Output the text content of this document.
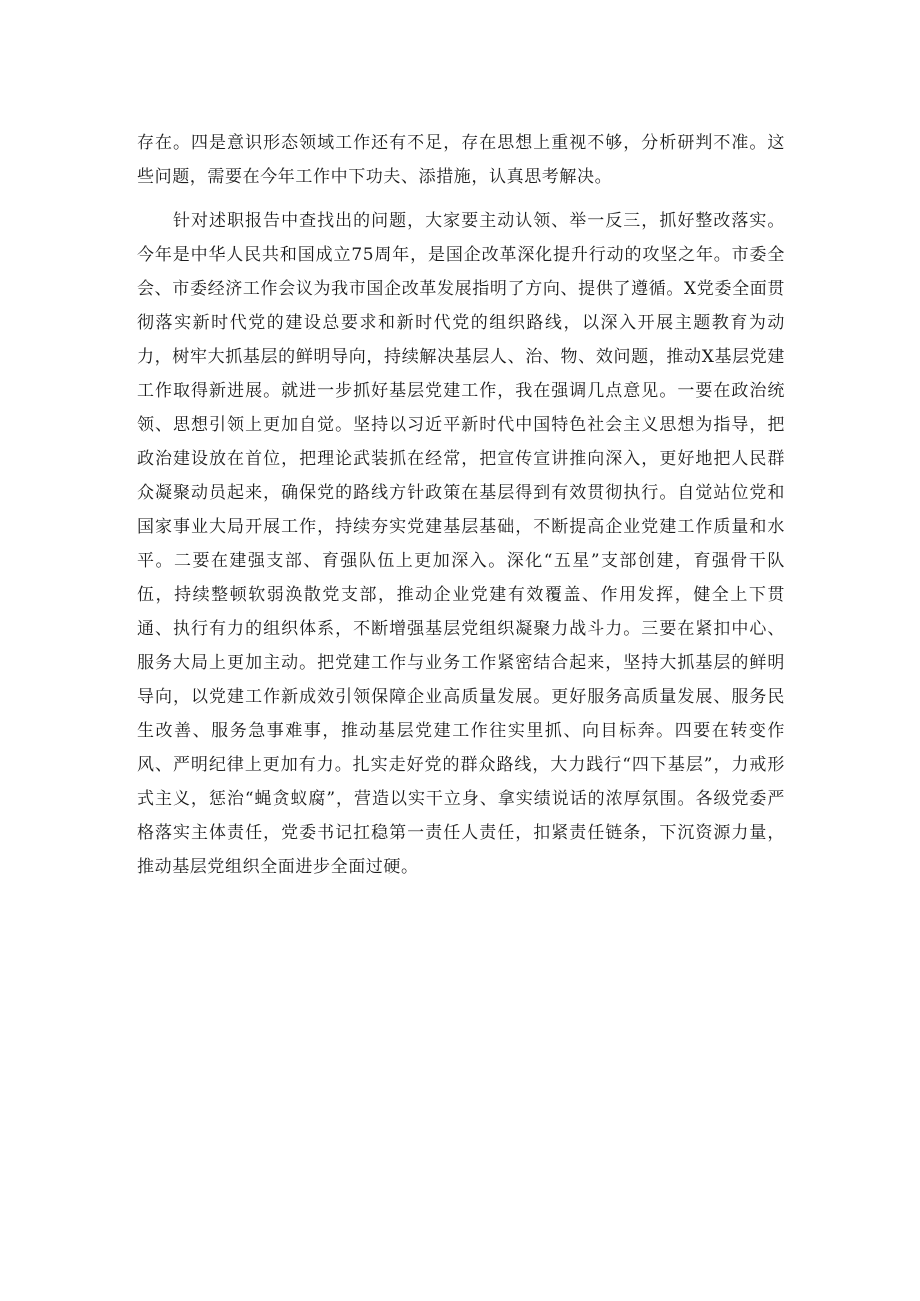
存在。四是意识形态领域工作还有不足，存在思想上重视不够，分析研判不准。这些问题，需要在今年工作中下功夫、添措施，认真思考解决。

针对述职报告中查找出的问题，大家要主动认领、举一反三，抓好整改落实。今年是中华人民共和国成立75周年，是国企改革深化提升行动的攻坚之年。市委全会、市委经济工作会议为我市国企改革发展指明了方向、提供了遵循。X党委全面贯彻落实新时代党的建设总要求和新时代党的组织路线，以深入开展主题教育为动力，树牢大抓基层的鲜明导向，持续解决基层人、治、物、效问题，推动X基层党建工作取得新进展。就进一步抓好基层党建工作，我在强调几点意见。一要在政治统领、思想引领上更加自觉。坚持以习近平新时代中国特色社会主义思想为指导，把政治建设放在首位，把理论武装抓在经常，把宣传宣讲推向深入，更好地把人民群众凝聚动员起来，确保党的路线方针政策在基层得到有效贯彻执行。自觉站位党和国家事业大局开展工作，持续夯实党建基层基础，不断提高企业党建工作质量和水平。二要在建强支部、育强队伍上更加深入。深化“五星”支部创建，育强骨干队伍，持续整顿软弱涣散党支部，推动企业党建有效覆盖、作用发挥，健全上下贯通、执行有力的组织体系，不断增强基层党组织凝聚力战斗力。三要在紧扣中心、服务大局上更加主动。把党建工作与业务工作紧密结合起来，坚持大抓基层的鲜明导向，以党建工作新成效引领保障企业高质量发展。更好服务高质量发展、服务民生改善、服务急事难事，推动基层党建工作往实里抓、向目标奔。四要在转变作风、严明纪律上更加有力。扎实走好党的群众路线，大力践行“四下基层”，力戒形式主义，惩治“蝇贪蚁腐”，营造以实干立身、拿实绩说话的浓厚氛围。各级党委严格落实主体责任，党委书记扛稳第一责任人责任，扣紧责任链条，下沉资源力量，推动基层党组织全面进步全面过硬。
